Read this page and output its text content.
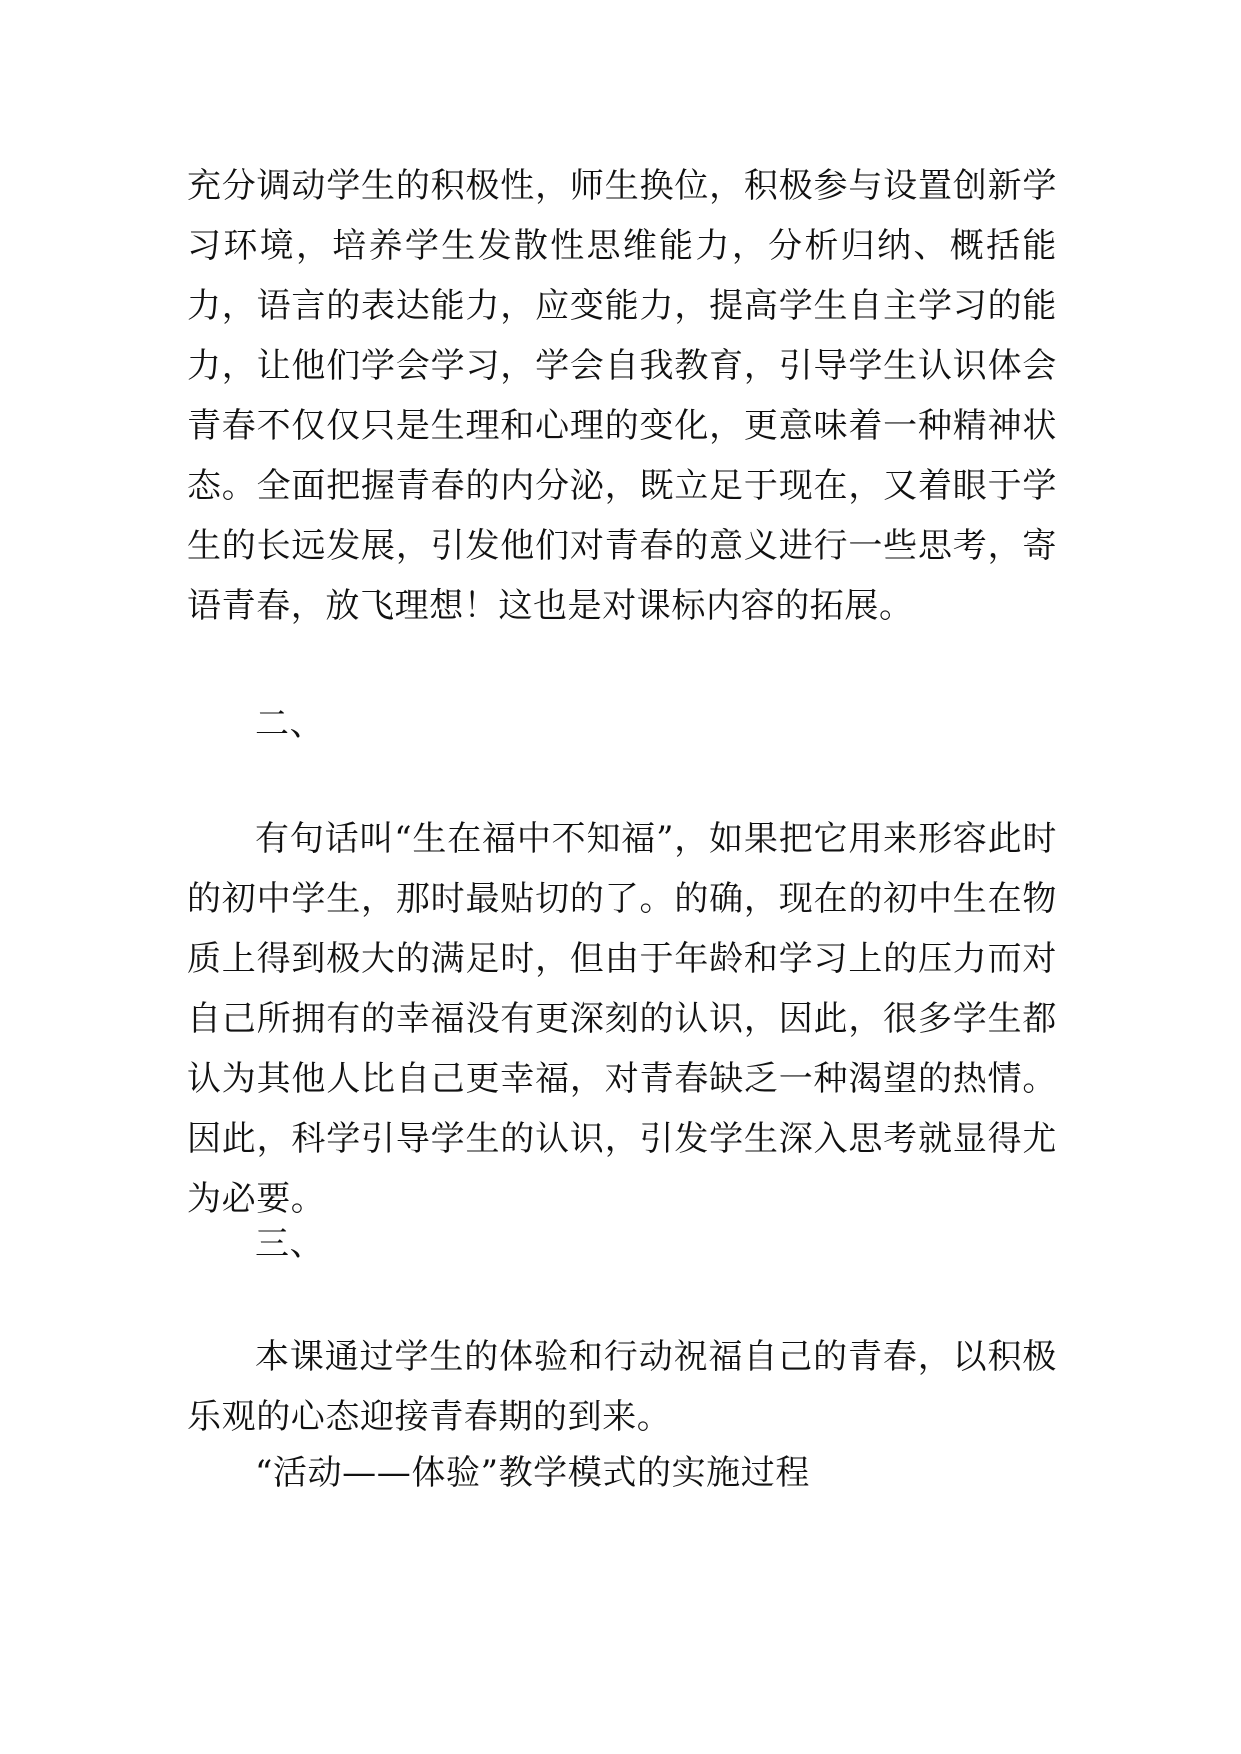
充分调动学生的积极性，师生换位，积极参与设置创新学习环境，培养学生发散性思维能力，分析归纳、概括能力，语言的表达能力，应变能力，提高学生自主学习的能力，让他们学会学习，学会自我教育，引导学生认识体会青春不仅仅只是生理和心理的变化，更意味着一种精神状态。全面把握青春的内分泌，既立足于现在，又着眼于学生的长远发展，引发他们对青春的意义进行一些思考，寄语青春，放飞理想！这也是对课标内容的拓展。

二、

有句话叫“生在福中不知福”，如果把它用来形容此时的初中学生，那时最贴切的了。的确，现在的初中生在物质上得到极大的满足时，但由于年龄和学习上的压力而对自己所拥有的幸福没有更深刻的认识，因此，很多学生都认为其他人比自己更幸福，对青春缺乏一种渴望的热情。因此，科学引导学生的认识，引发学生深入思考就显得尤为必要。

三、

本课通过学生的体验和行动祝福自己的青春，以积极乐观的心态迎接青春期的到来。

“活动——体验”教学模式的实施过程
